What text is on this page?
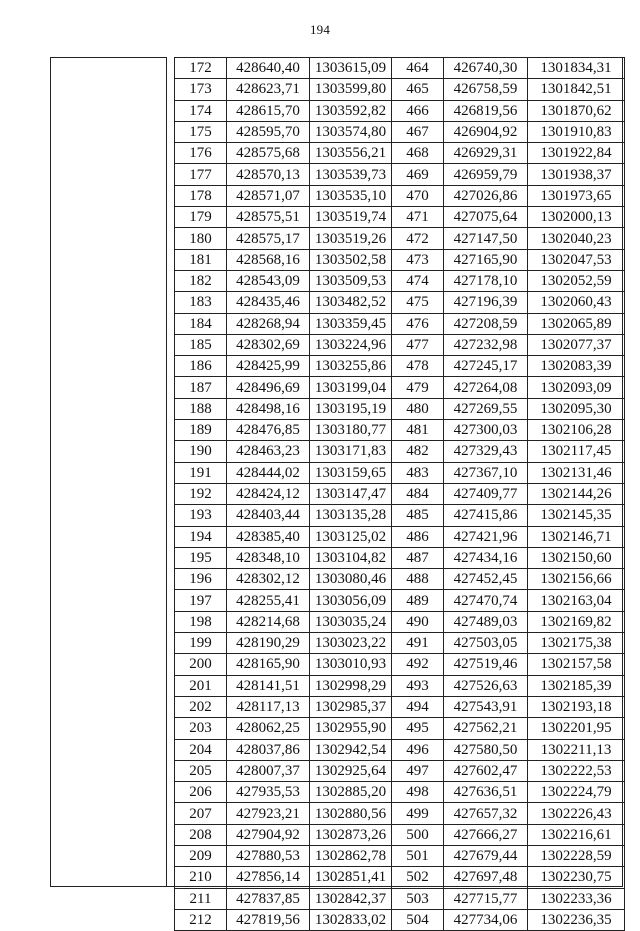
194
172	428640,40	1303615,09	464	426740,30	1301834,31
173	428623,71	1303599,80	465	426758,59	1301842,51
174	428615,70	1303592,82	466	426819,56	1301870,62
175	428595,70	1303574,80	467	426904,92	1301910,83
176	428575,68	1303556,21	468	426929,31	1301922,84
177	428570,13	1303539,73	469	426959,79	1301938,37
178	428571,07	1303535,10	470	427026,86	1301973,65
179	428575,51	1303519,74	471	427075,64	1302000,13
180	428575,17	1303519,26	472	427147,50	1302040,23
181	428568,16	1303502,58	473	427165,90	1302047,53
182	428543,09	1303509,53	474	427178,10	1302052,59
183	428435,46	1303482,52	475	427196,39	1302060,43
184	428268,94	1303359,45	476	427208,59	1302065,89
185	428302,69	1303224,96	477	427232,98	1302077,37
186	428425,99	1303255,86	478	427245,17	1302083,39
187	428496,69	1303199,04	479	427264,08	1302093,09
188	428498,16	1303195,19	480	427269,55	1302095,30
189	428476,85	1303180,77	481	427300,03	1302106,28
190	428463,23	1303171,83	482	427329,43	1302117,45
191	428444,02	1303159,65	483	427367,10	1302131,46
192	428424,12	1303147,47	484	427409,77	1302144,26
193	428403,44	1303135,28	485	427415,86	1302145,35
194	428385,40	1303125,02	486	427421,96	1302146,71
195	428348,10	1303104,82	487	427434,16	1302150,60
196	428302,12	1303080,46	488	427452,45	1302156,66
197	428255,41	1303056,09	489	427470,74	1302163,04
198	428214,68	1303035,24	490	427489,03	1302169,82
199	428190,29	1303023,22	491	427503,05	1302175,38
200	428165,90	1303010,93	492	427519,46	1302157,58
201	428141,51	1302998,29	493	427526,63	1302185,39
202	428117,13	1302985,37	494	427543,91	1302193,18
203	428062,25	1302955,90	495	427562,21	1302201,95
204	428037,86	1302942,54	496	427580,50	1302211,13
205	428007,37	1302925,64	497	427602,47	1302222,53
206	427935,53	1302885,20	498	427636,51	1302224,79
207	427923,21	1302880,56	499	427657,32	1302226,43
208	427904,92	1302873,26	500	427666,27	1302216,61
209	427880,53	1302862,78	501	427679,44	1302228,59
210	427856,14	1302851,41	502	427697,48	1302230,75
211	427837,85	1302842,37	503	427715,77	1302233,36
212	427819,56	1302833,02	504	427734,06	1302236,35
